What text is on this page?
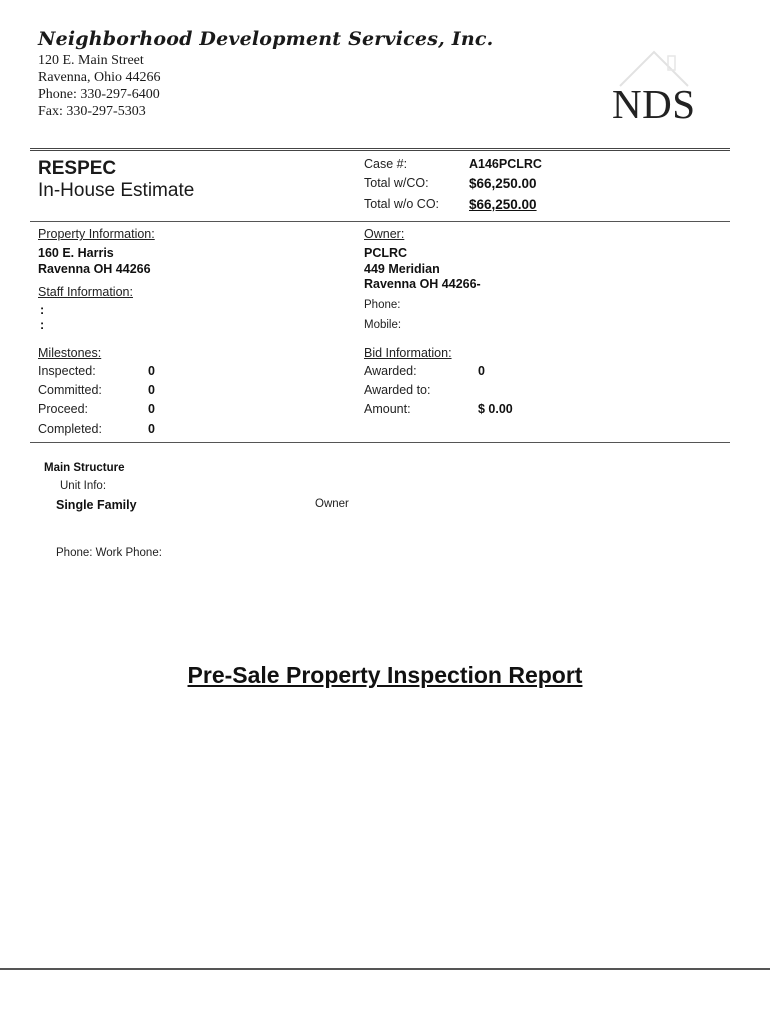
Neighborhood Development Services, Inc.
120 E. Main Street
Ravenna, Ohio 44266
Phone: 330-297-6400
Fax: 330-297-5303	NDS
RESPEC
In-House Estimate
Case #:	A146PCLRC
Total w/CO:	$66,250.00
Total w/o CO: $66,250.00
Property Information:
160 E. Harris
Ravenna OH 44266
Staff Information:
:
:
Owner:
PCLRC
449 Meridian
Ravenna OH 44266-
Phone:
Mobile:
Milestones:
Inspected:	0
Committed:	0
Proceed:	0
Completed:	0
Bid Information:
Awarded:	0
Awarded to:
Amount:	$ 0.00
Main Structure
Unit Info:
Single Family	Owner
Phone: Work Phone:
Pre-Sale Property Inspection Report
